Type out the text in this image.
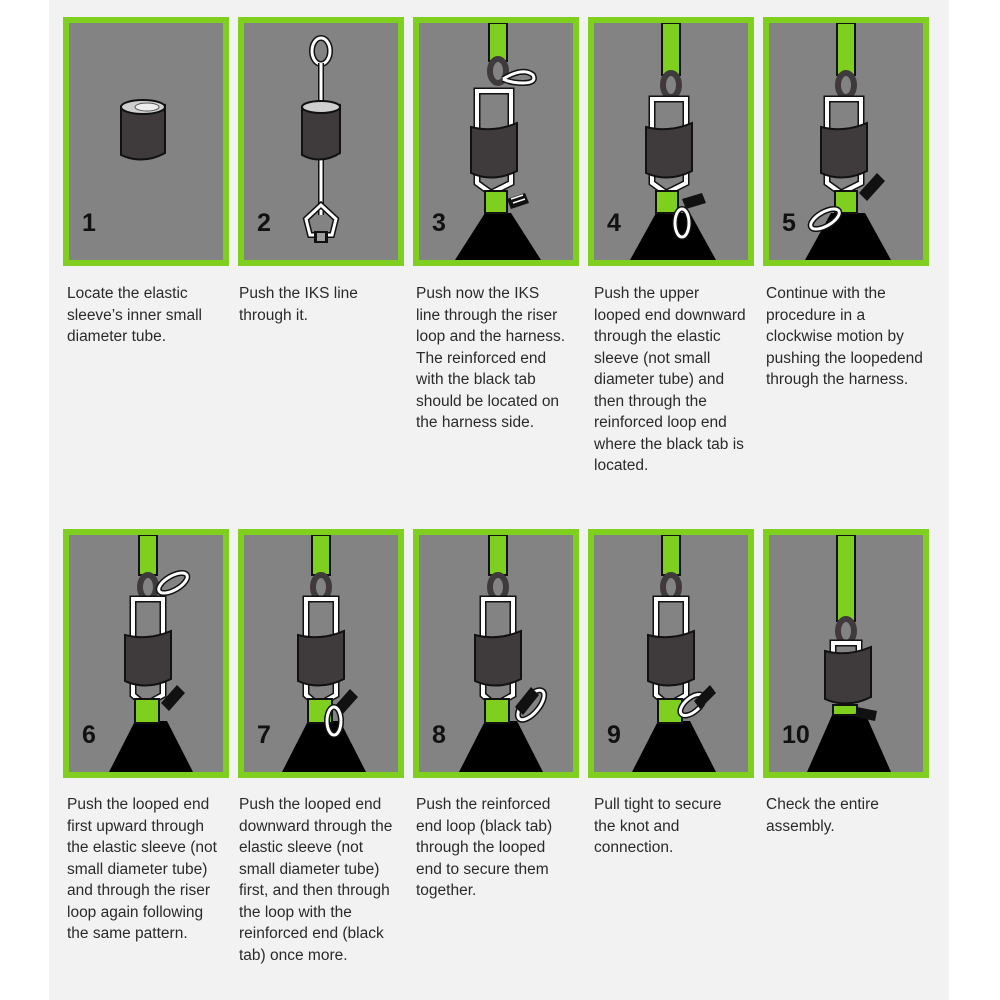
1	2	3	4	5
Locate the elastic sleeve’s inner small diameter tube.
Push the IKS line through it.
Push now the IKS line through the riser loop and the harness. The reinforced end with the black tab should be located on the harness side.
Push the upper looped end downward through the elastic sleeve (not small diameter tube) and then through the reinforced loop end where the black tab is located.
Continue with the procedure in a clockwise motion by pushing the loopedend through the harness.
6	7	8	9	10
Push the looped end first upward through the elastic sleeve (not small diameter tube) and through the riser loop again following the same pattern.
Push the looped end downward through the elastic sleeve (not small diameter tube) first, and then through the loop with the reinforced end (black tab) once more.
Push the reinforced end loop (black tab) through the looped end to secure them together.
Pull tight to secure the knot and connection.
Check the entire assembly.
